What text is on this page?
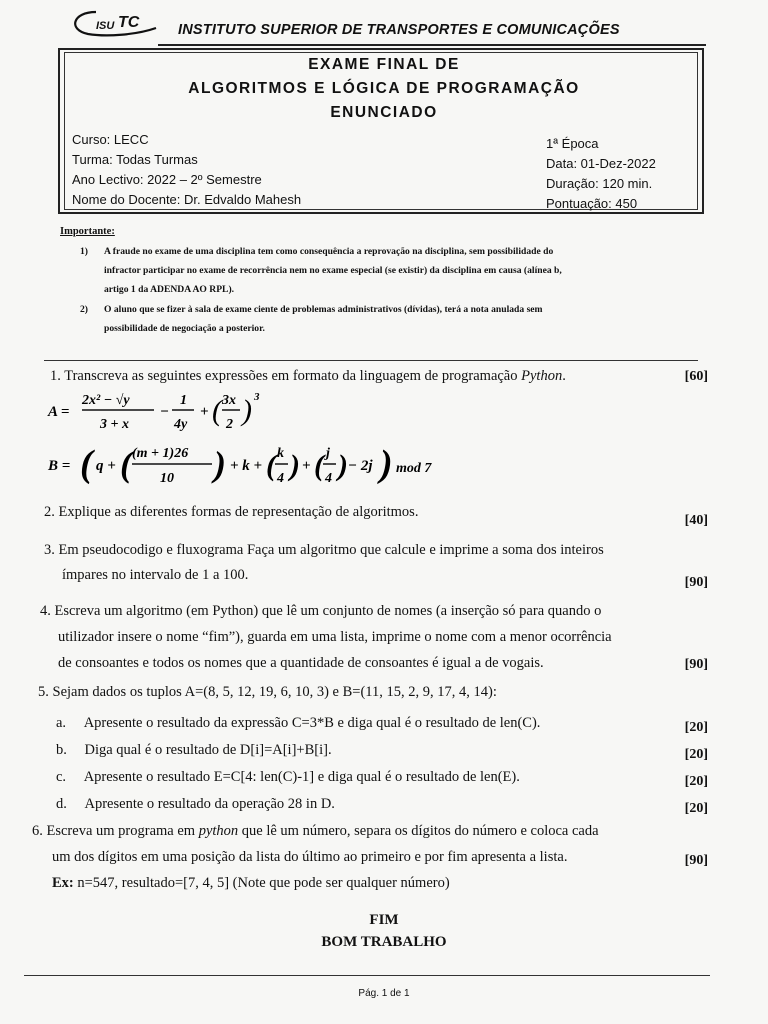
ISU TC	INSTITUTO SUPERIOR DE TRANSPORTES E COMUNICAÇÕES
EXAME FINAL DE
ALGORITMOS E LÓGICA DE PROGRAMAÇÃO
ENUNCIADO
Curso: LECC
Turma: Todas Turmas
Ano Lectivo: 2022 – 2º Semestre
Nome do Docente: Dr. Edvaldo Mahesh
1ª Época
Data: 01-Dez-2022
Duração: 120 min.
Pontuação: 450
Importante:
1) A fraude no exame de uma disciplina tem como consequência a reprovação na disciplina, sem possibilidade do
infractor participar no exame de recorrência nem no exame especial (se existir) da disciplina em causa (alínea b,
artigo 1 da ADENDA AO RPL).
2) O aluno que se fizer à sala de exame ciente de problemas administrativos (dívidas), terá a nota anulada sem
possibilidade de negociação a posterior.
1. Transcreva as seguintes expressões em formato da linguagem de programação Python.	[60]
A =
2x² − √y
3 + x
−
1
4y
+ ( 3x
2 ) 3
B = ( q + ( (m + 1)26
10 ) + k + ( k
4 ) + ( j
4 ) − 2j ) mod 7
2. Explique as diferentes formas de representação de algoritmos.
[40]
3. Em pseudocodigo e fluxograma Faça um algoritmo que calcule e imprime a soma dos inteiros
ímpares no intervalo de 1 a 100.	[90]
4. Escreva um algoritmo (em Python) que lê um conjunto de nomes (a inserção só para quando o
utilizador insere o nome “fim”), guarda em uma lista, imprime o nome com a menor ocorrência
de consoantes e todos os nomes que a quantidade de consoantes é igual a de vogais.	[90]
5. Sejam dados os tuplos A=(8, 5, 12, 19, 6, 10, 3) e B=(11, 15, 2, 9, 17, 4, 14):
a. Apresente o resultado da expressão C=3*B e diga qual é o resultado de len(C).	[20]
b. Diga qual é o resultado de D[i]=A[i]+B[i].	[20]
c. Apresente o resultado E=C[4: len(C)-1] e diga qual é o resultado de len(E).	[20]
d. Apresente o resultado da operação 28 in D.	[20]
6. Escreva um programa em python que lê um número, separa os dígitos do número e coloca cada
um dos dígitos em uma posição da lista do último ao primeiro e por fim apresenta a lista.
Ex: n=547, resultado=[7, 4, 5] (Note que pode ser qualquer número)
[90]
FIM
BOM TRABALHO
Pág. 1 de 1
